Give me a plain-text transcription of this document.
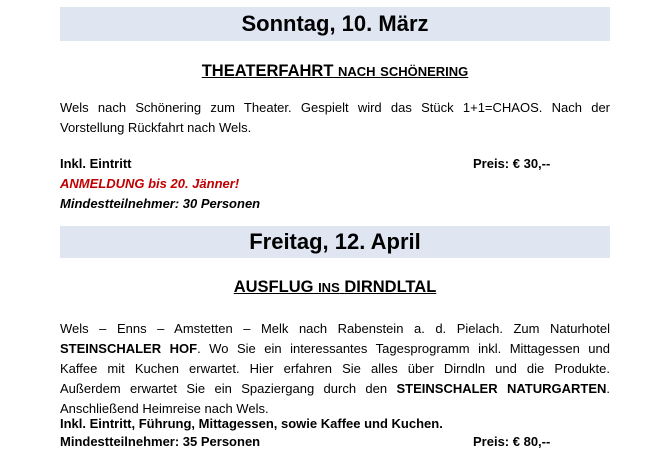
Sonntag, 10. März
THEATERFAHRT NACH SCHÖNERING
Wels nach Schönering zum Theater. Gespielt wird das Stück 1+1=CHAOS. Nach der
Vorstellung Rückfahrt nach Wels.
Inkl. Eintritt	Preis: € 30,--
ANMELDUNG bis 20. Jänner!
Mindestteilnehmer: 30 Personen
Freitag, 12. April
AUSFLUG INS DIRNDLTAL
Wels – Enns – Amstetten – Melk nach Rabenstein a. d. Pielach. Zum Naturhotel
STEINSCHALER HOF. Wo Sie ein interessantes Tagesprogramm inkl. Mittagessen und
Kaffee mit Kuchen erwartet. Hier erfahren Sie alles über Dirndln und die Produkte.
Außerdem erwartet Sie ein Spaziergang durch den STEINSCHALER NATURGARTEN.
Anschließend Heimreise nach Wels.
Inkl. Eintritt, Führung, Mittagessen, sowie Kaffee und Kuchen.
Mindestteilnehmer: 35 Personen	Preis: € 80,--
